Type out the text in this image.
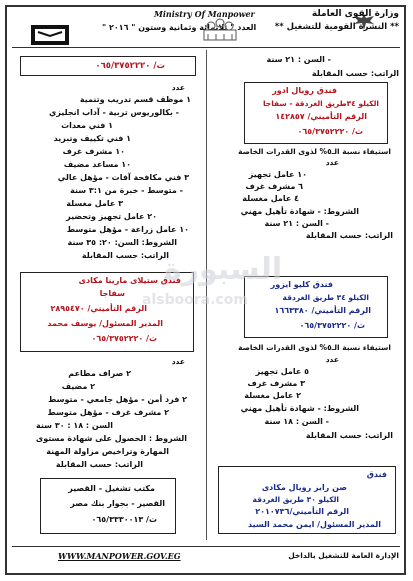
وزارة القوى العاملة
** النشرة القومية للتشغيل **
Ministry Of Manpower
العدد " ثلاثمائة وثمانية وستون " ٢٠١٦ "
- السن : ٢١ سنة
الراتب: حسب المقابلة
فندق رويال ادور
الكيلو ٣٤طريق الغردقة - سفاجا
الرقم التأميني/ ١٤٢٨٥٧
ت/ ٠٦٥/٣٧٥٢٢٢٠
استيفاء نسبة الـ٥% لذوى القدرات الخاصة
عدد
١٠ عامل تجهيز
٦ مشرف غرف
٤ عامل مغسلة
الشروط: - شهادة تأهيل مهني
- السن : ٢١ سنة
الراتب: حسب المقابلة
فندق كليو ايزور
الكيلو ٣٤ طريق الغردقة
الرقم التأميني/ ١٦٦٣٣٨٠
ت/ ٠٦٥/٣٧٥٢٢٢٠
استيفاء نسبة الـ٥% لذوى القدرات الخاصة
عدد
٥ عامل تجهيز
٣ مشرف غرف
٢ عامل مغسلة
الشروط: - شهادة تأهيل مهني
- السن : ١٨ سنة
الراتب: حسب المقابلة
فندق
صن رايز رويال مكادى
الكيلو ٣٠ طريق الغردقة
الرقم التأميني/٢٠١٠٧٣٦
المدير المسئول/ ايمن محمد السيد
ت/ ٠٦٥/٣٧٥٢٢٢٠
عدد
١ موظف قسم تدريب وتنمية
- بكالوريوس تربية - آداب انجليزي
١ فني معدات
١ فني تكييف وتبريد
١٠ مشرف غرف
١٠ مساعد مضيف
٣ فني مكافحة آفات - مؤهل عالي
- متوسط - خبرة من ٣:١ سنة
٣ عامل مغسلة
٢٠ عامل تجهيز وتحضير
١٠ عامل زراعة - مؤهل متوسط
الشروط: السن: ٢٠: ٣٥ سنة
الراتب: حسب المقابلة
فندق ستيلاى مارينا مكادى
سفاجا
الرقم التأميني/ ٢٨٩٥٤٧٠
المدير المسئول/ يوسف محمد
ت/ ٠٦٥/٣٧٥٢٢٢٠
عدد
٢ صراف مطاعم
٢ مضيف
٢ فرد أمن - مؤهل جامعي - متوسط
٢ مشرف غرف - مؤهل متوسط
السن : ١٨ : ٣٠ سنة
الشروط : الحصول على شهادة مستوى
المهارة وتراخيص مزاولة المهنة
الراتب: حسب المقابلة
مكتب تشغيل - القصير
القصير - بجوار بنك مصر
ت/ ٠٦٥/٣٣٣٠٠١٣
السبورة
alsboora.com
WWW.MANPOWER.GOV.EG	الإدارة العامة للتشغيل بالداخل
